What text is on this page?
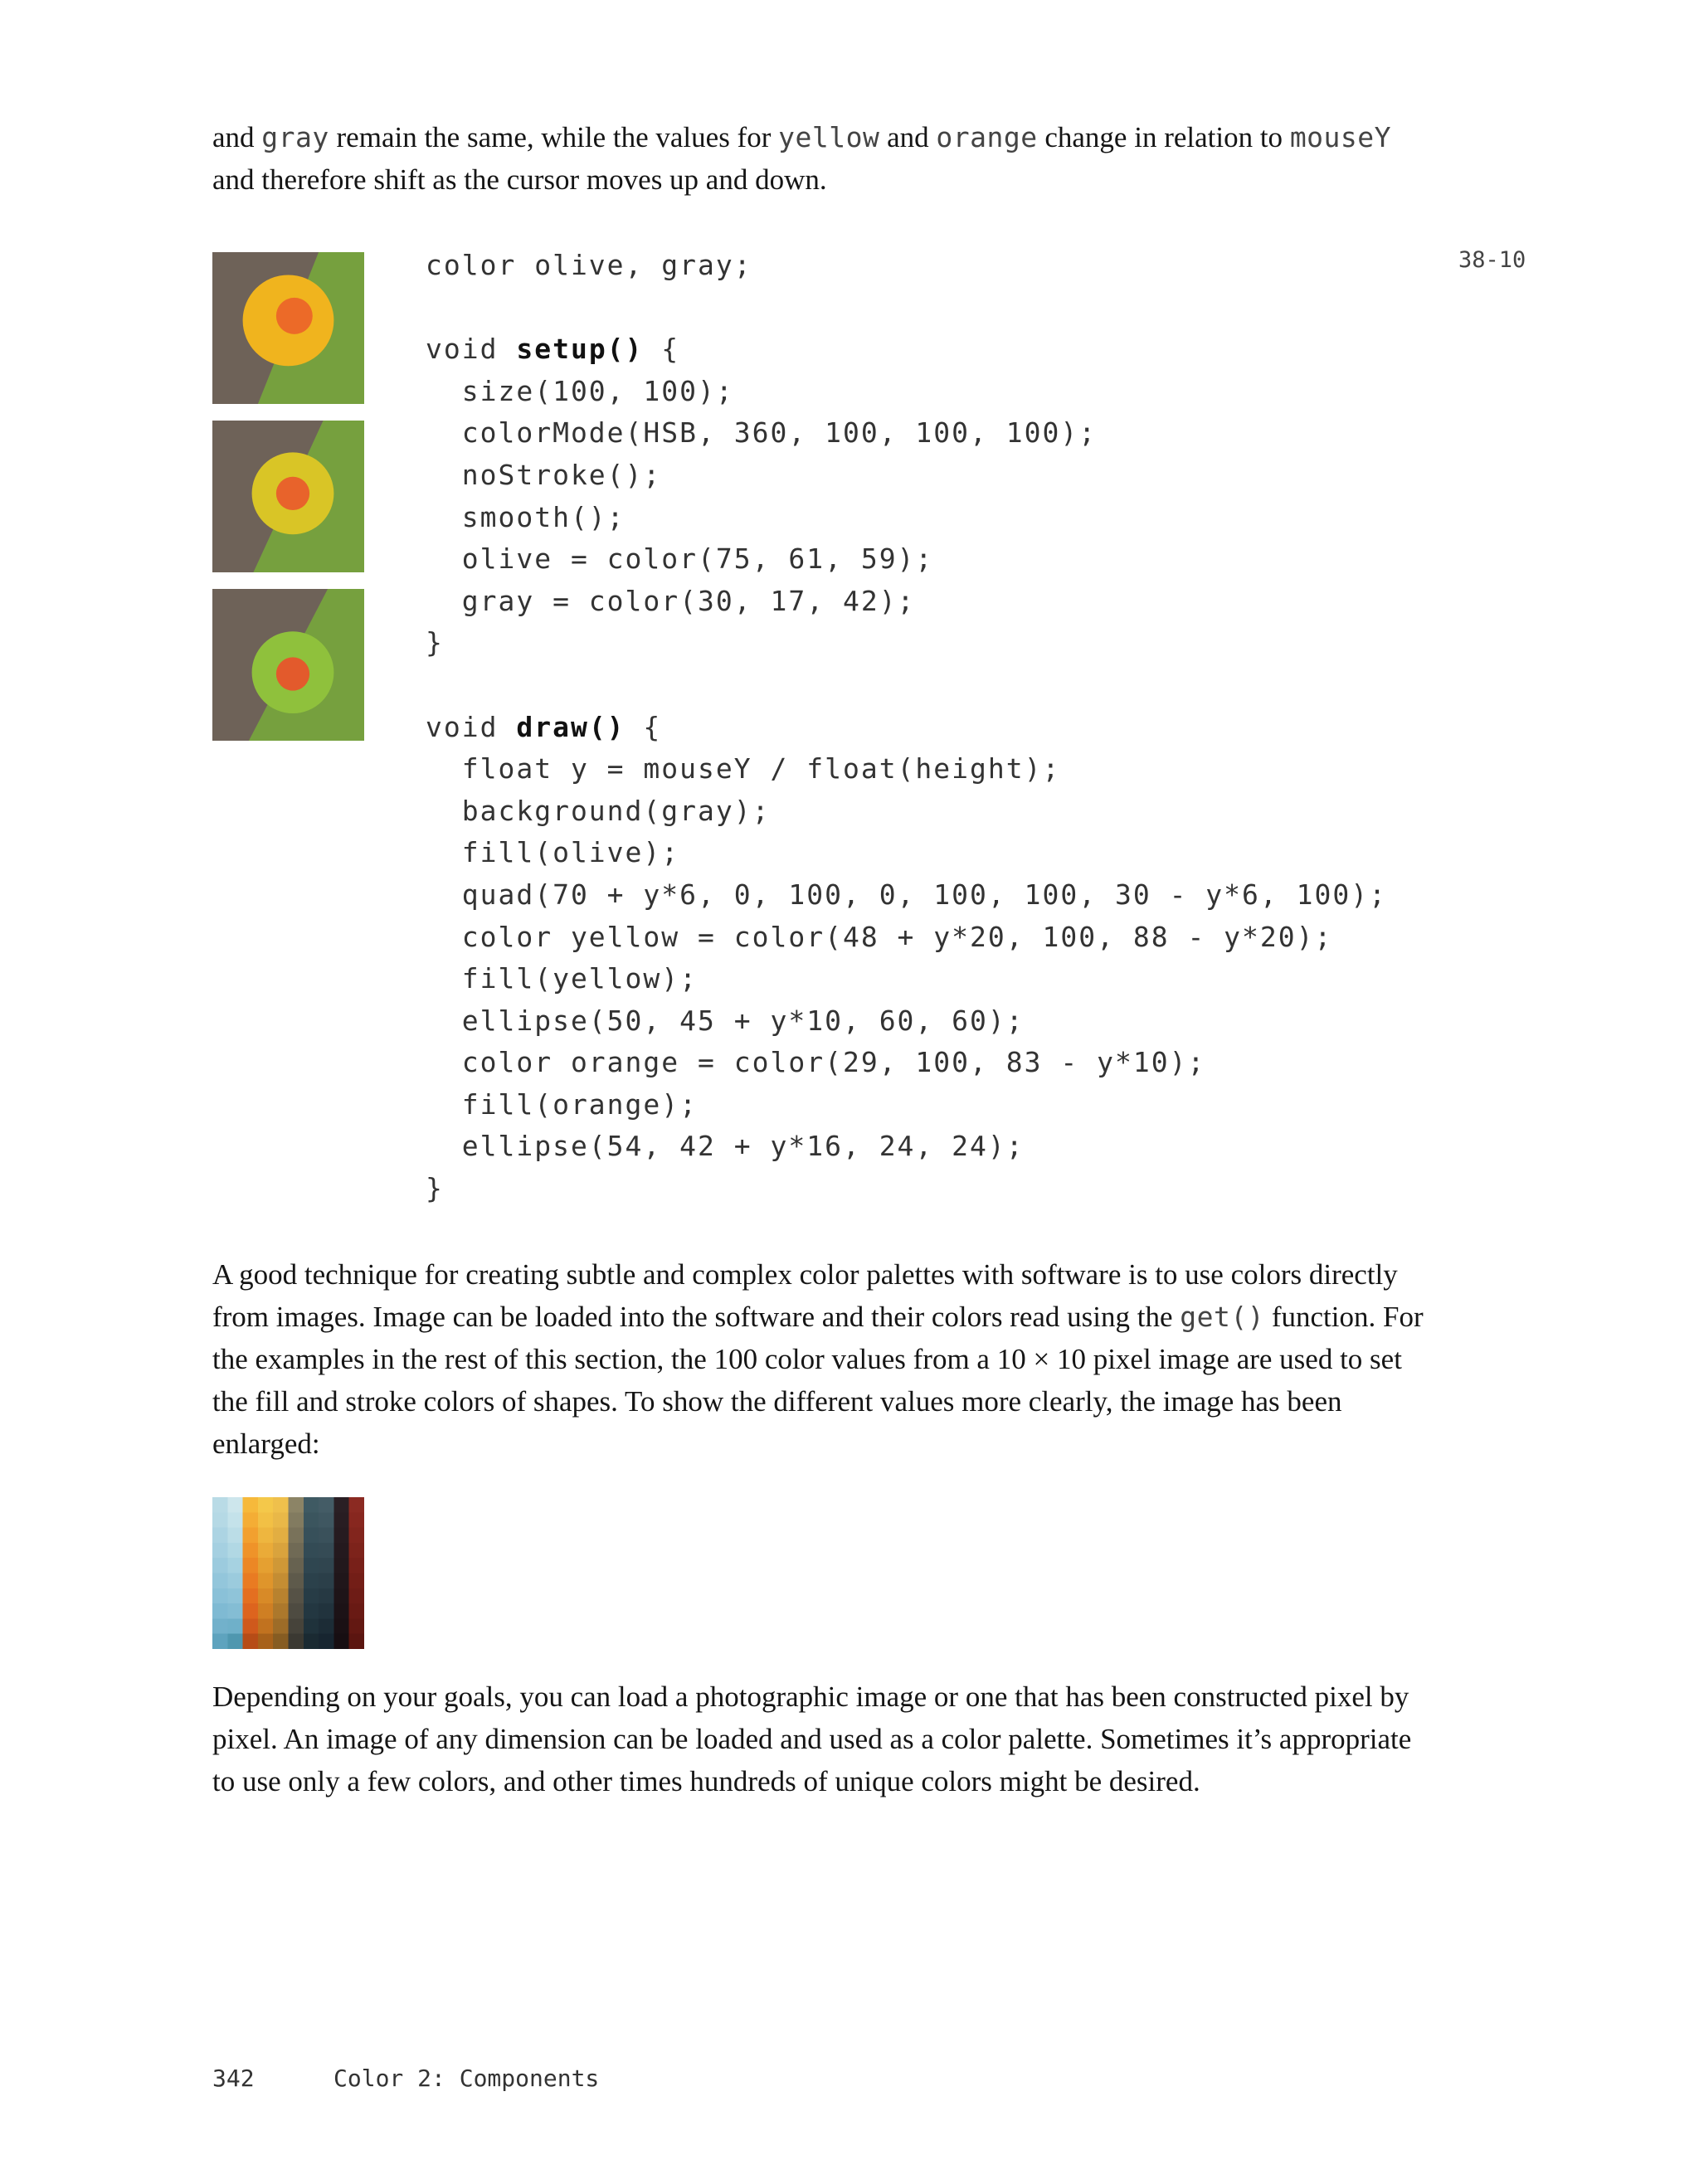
and gray remain the same, while the values for yellow and orange change in relation to mouseY and therefore shift as the cursor moves up and down.

color olive, gray;
void setup() {
size(100, 100);
colorMode(HSB, 360, 100, 100, 100);
noStroke();
smooth();
olive = color(75, 61, 59);
gray = color(30, 17, 42);
}
void draw() {
float y = mouseY / float(height);
background(gray);
fill(olive);
quad(70 + y*6, 0, 100, 0, 100, 100, 30 - y*6, 100);
color yellow = color(48 + y*20, 100, 88 - y*20);
fill(yellow);
ellipse(50, 45 + y*10, 60, 60);
color orange = color(29, 100, 83 - y*10);
fill(orange);
ellipse(54, 42 + y*16, 24, 24);
}
38-10

A good technique for creating subtle and complex color palettes with software is to use colors directly from images. Image can be loaded into the software and their colors read using the get() function. For the examples in the rest of this section, the 100 color values from a 10 × 10 pixel image are used to set the fill and stroke colors of shapes. To show the different values more clearly, the image has been enlarged:

Depending on your goals, you can load a photographic image or one that has been constructed pixel by pixel. An image of any dimension can be loaded and used as a color palette. Sometimes it’s appropriate to use only a few colors, and other times hundreds of unique colors might be desired.

342	Color 2: Components
